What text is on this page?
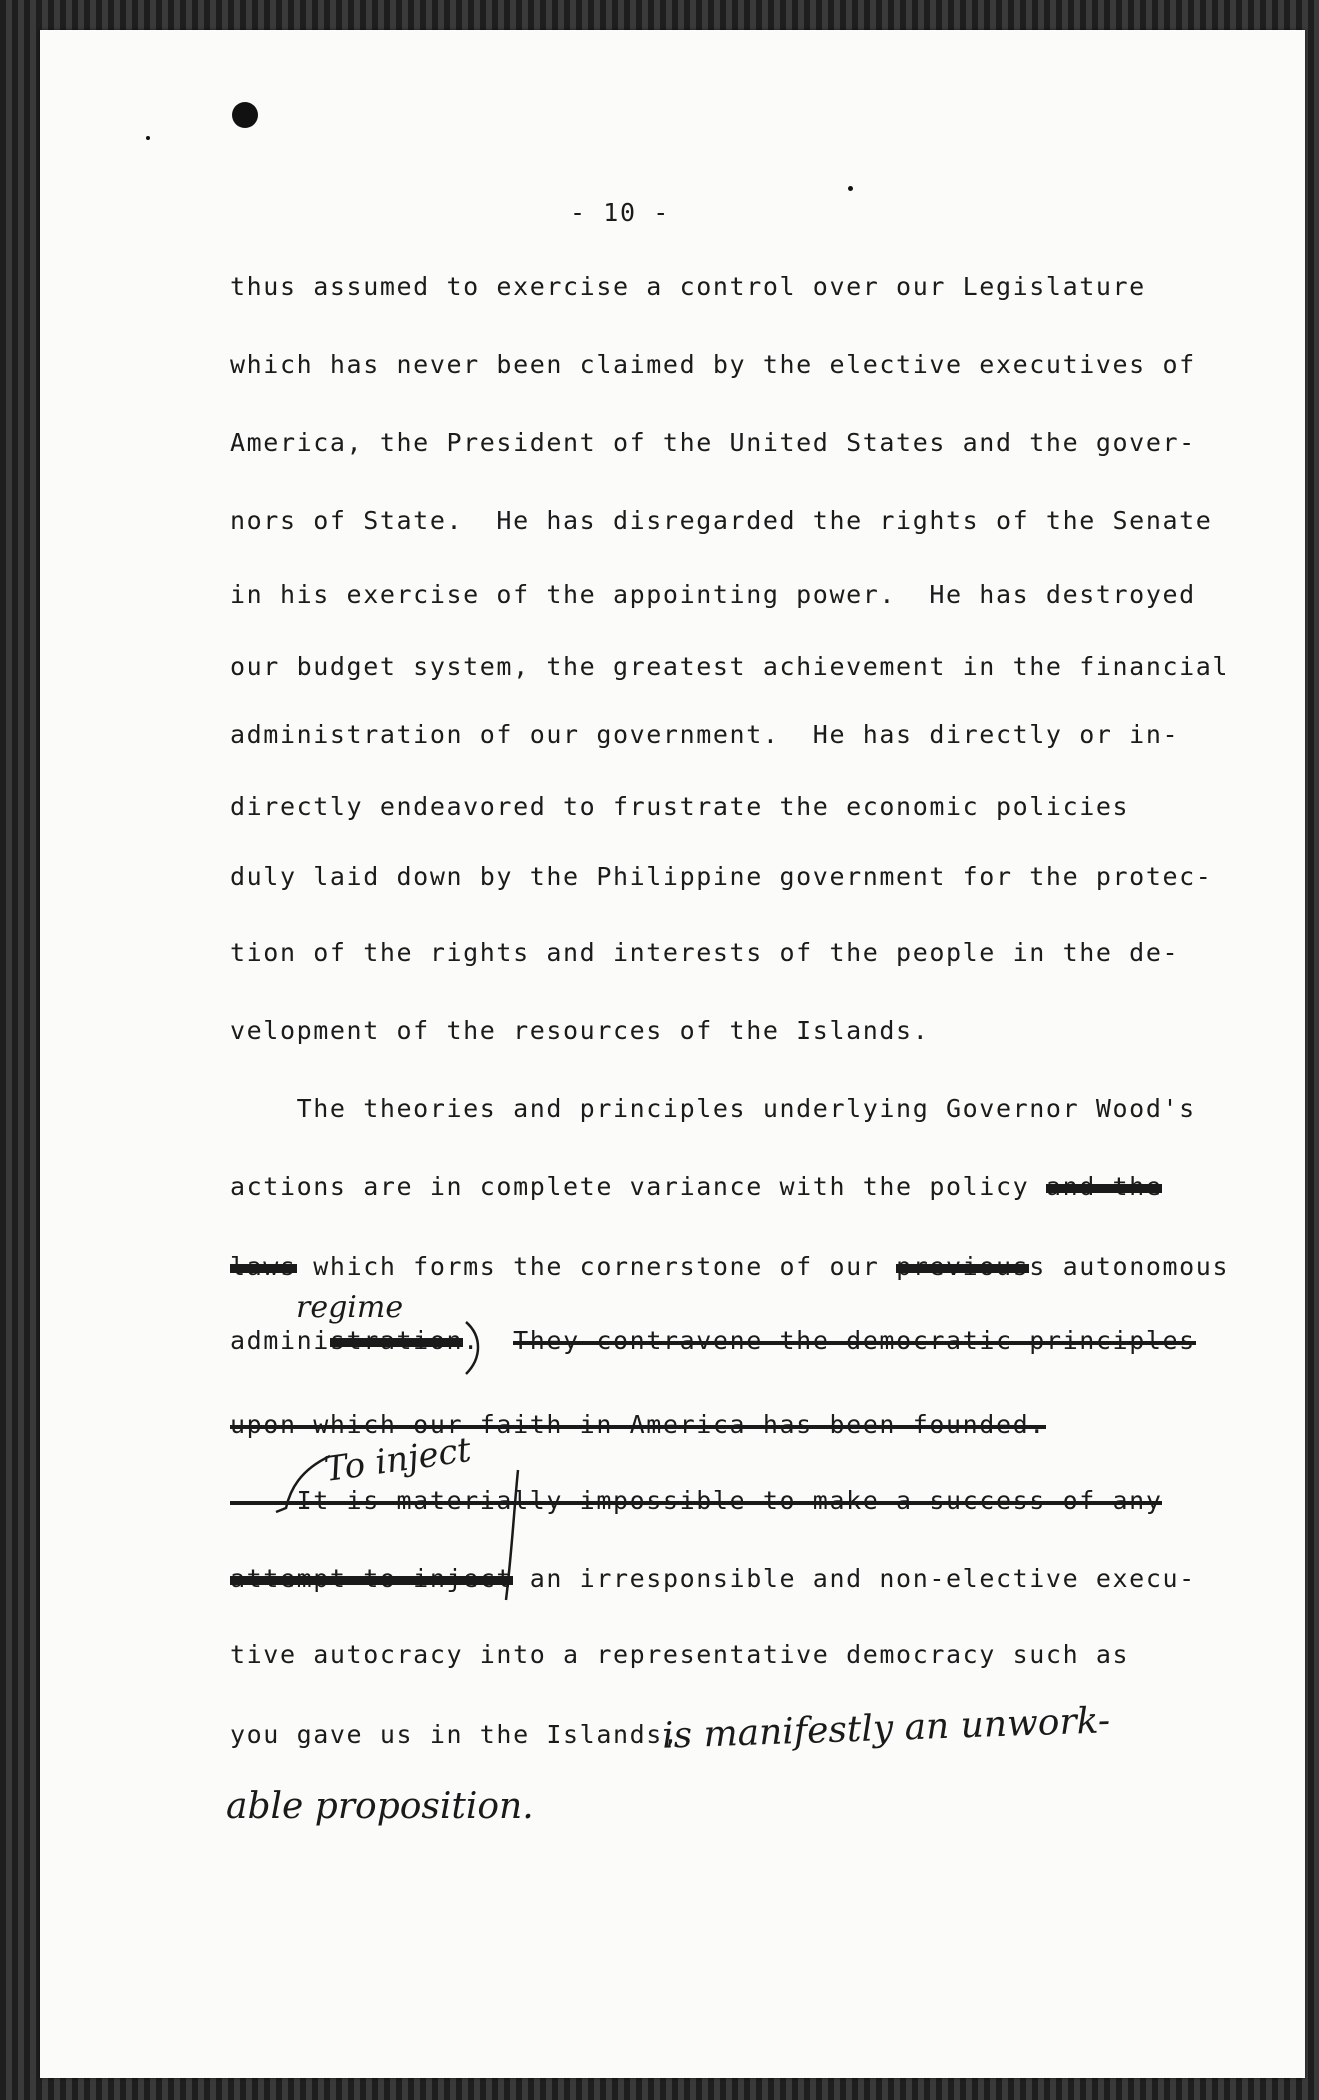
- 10 -
thus assumed to exercise a control over our Legislature
which has never been claimed by the elective executives of
America, the President of the United States and the gover-
nors of State.  He has disregarded the rights of the Senate
in his exercise of the appointing power.  He has destroyed
our budget system, the greatest achievement in the financial
administration of our government.  He has directly or in-
directly endeavored to frustrate the economic policies
duly laid down by the Philippine government for the protec-
tion of the rights and interests of the people in the de-
velopment of the resources of the Islands.
The theories and principles underlying Governor Wood's
actions are in complete variance with the policy and the
laws which forms the cornerstone of our previouss autonomous
administration.  They contravene the democratic principles
upon which our faith in America has been founded.
It is materially impossible to make a success of any
attempt to inject an irresponsible and non-elective execu-
tive autocracy into a representative democracy such as
you gave us in the Islands,
regime
To inject
is manifestly an unwork-
able proposition.
